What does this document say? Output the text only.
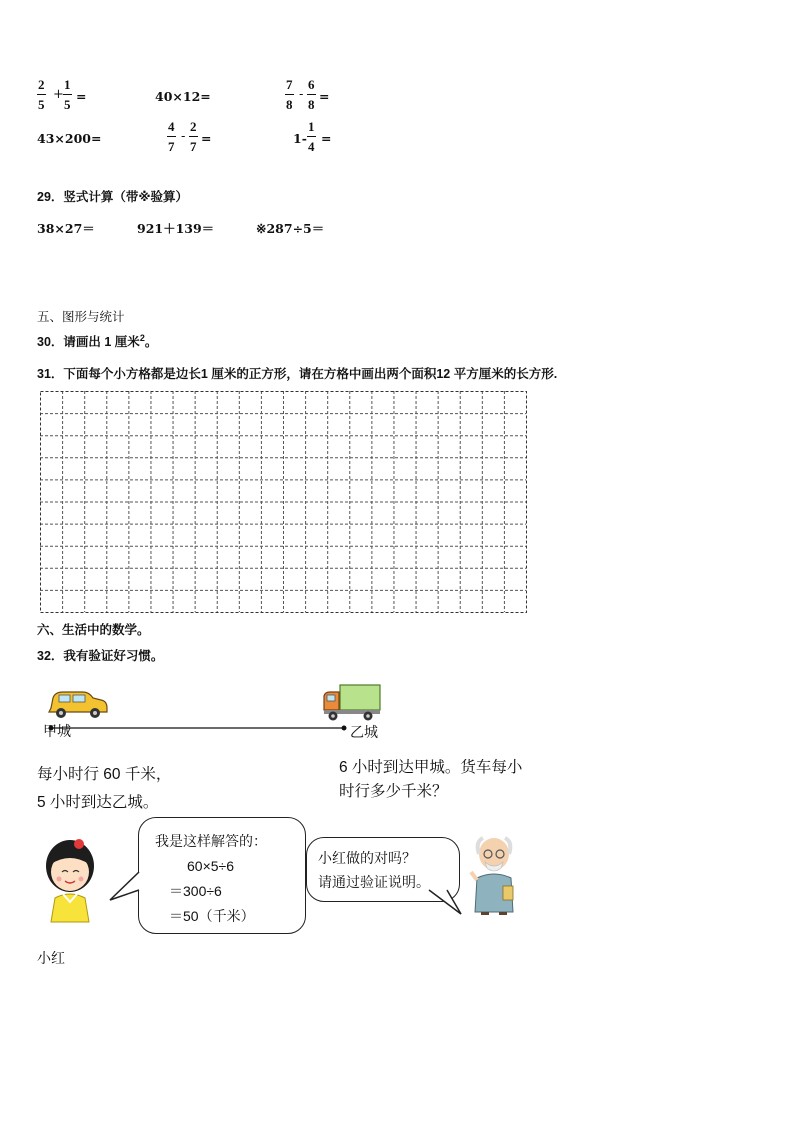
$\frac{2}{5} + \frac{1}{5}$ =	40×12=	$\frac{7}{8} - \frac{6}{8}$ =
43×200=	$\frac{4}{7} - \frac{2}{7}$ =	$1- \frac{1}{4}$ =
29．竖式计算（带※验算）
38×27＝	921＋139＝	※287÷5＝
五、图形与统计
30．请画出 1 厘米$^2$。
31．下面每个小方格都是边长1 厘米的正方形，请在方格中画出两个面积12 平方厘米的长方形.
六、生活中的数学。
32．我有验证好习惯。
甲城	乙城
每小时行 60 千米，
5 小时到达乙城。
6 小时到达甲城。货车每小
时行多少千米？
我是这样解答的：
60×5÷6
＝300÷6
＝50（千米）
小红做的对吗？
请通过验证说明。
小红
